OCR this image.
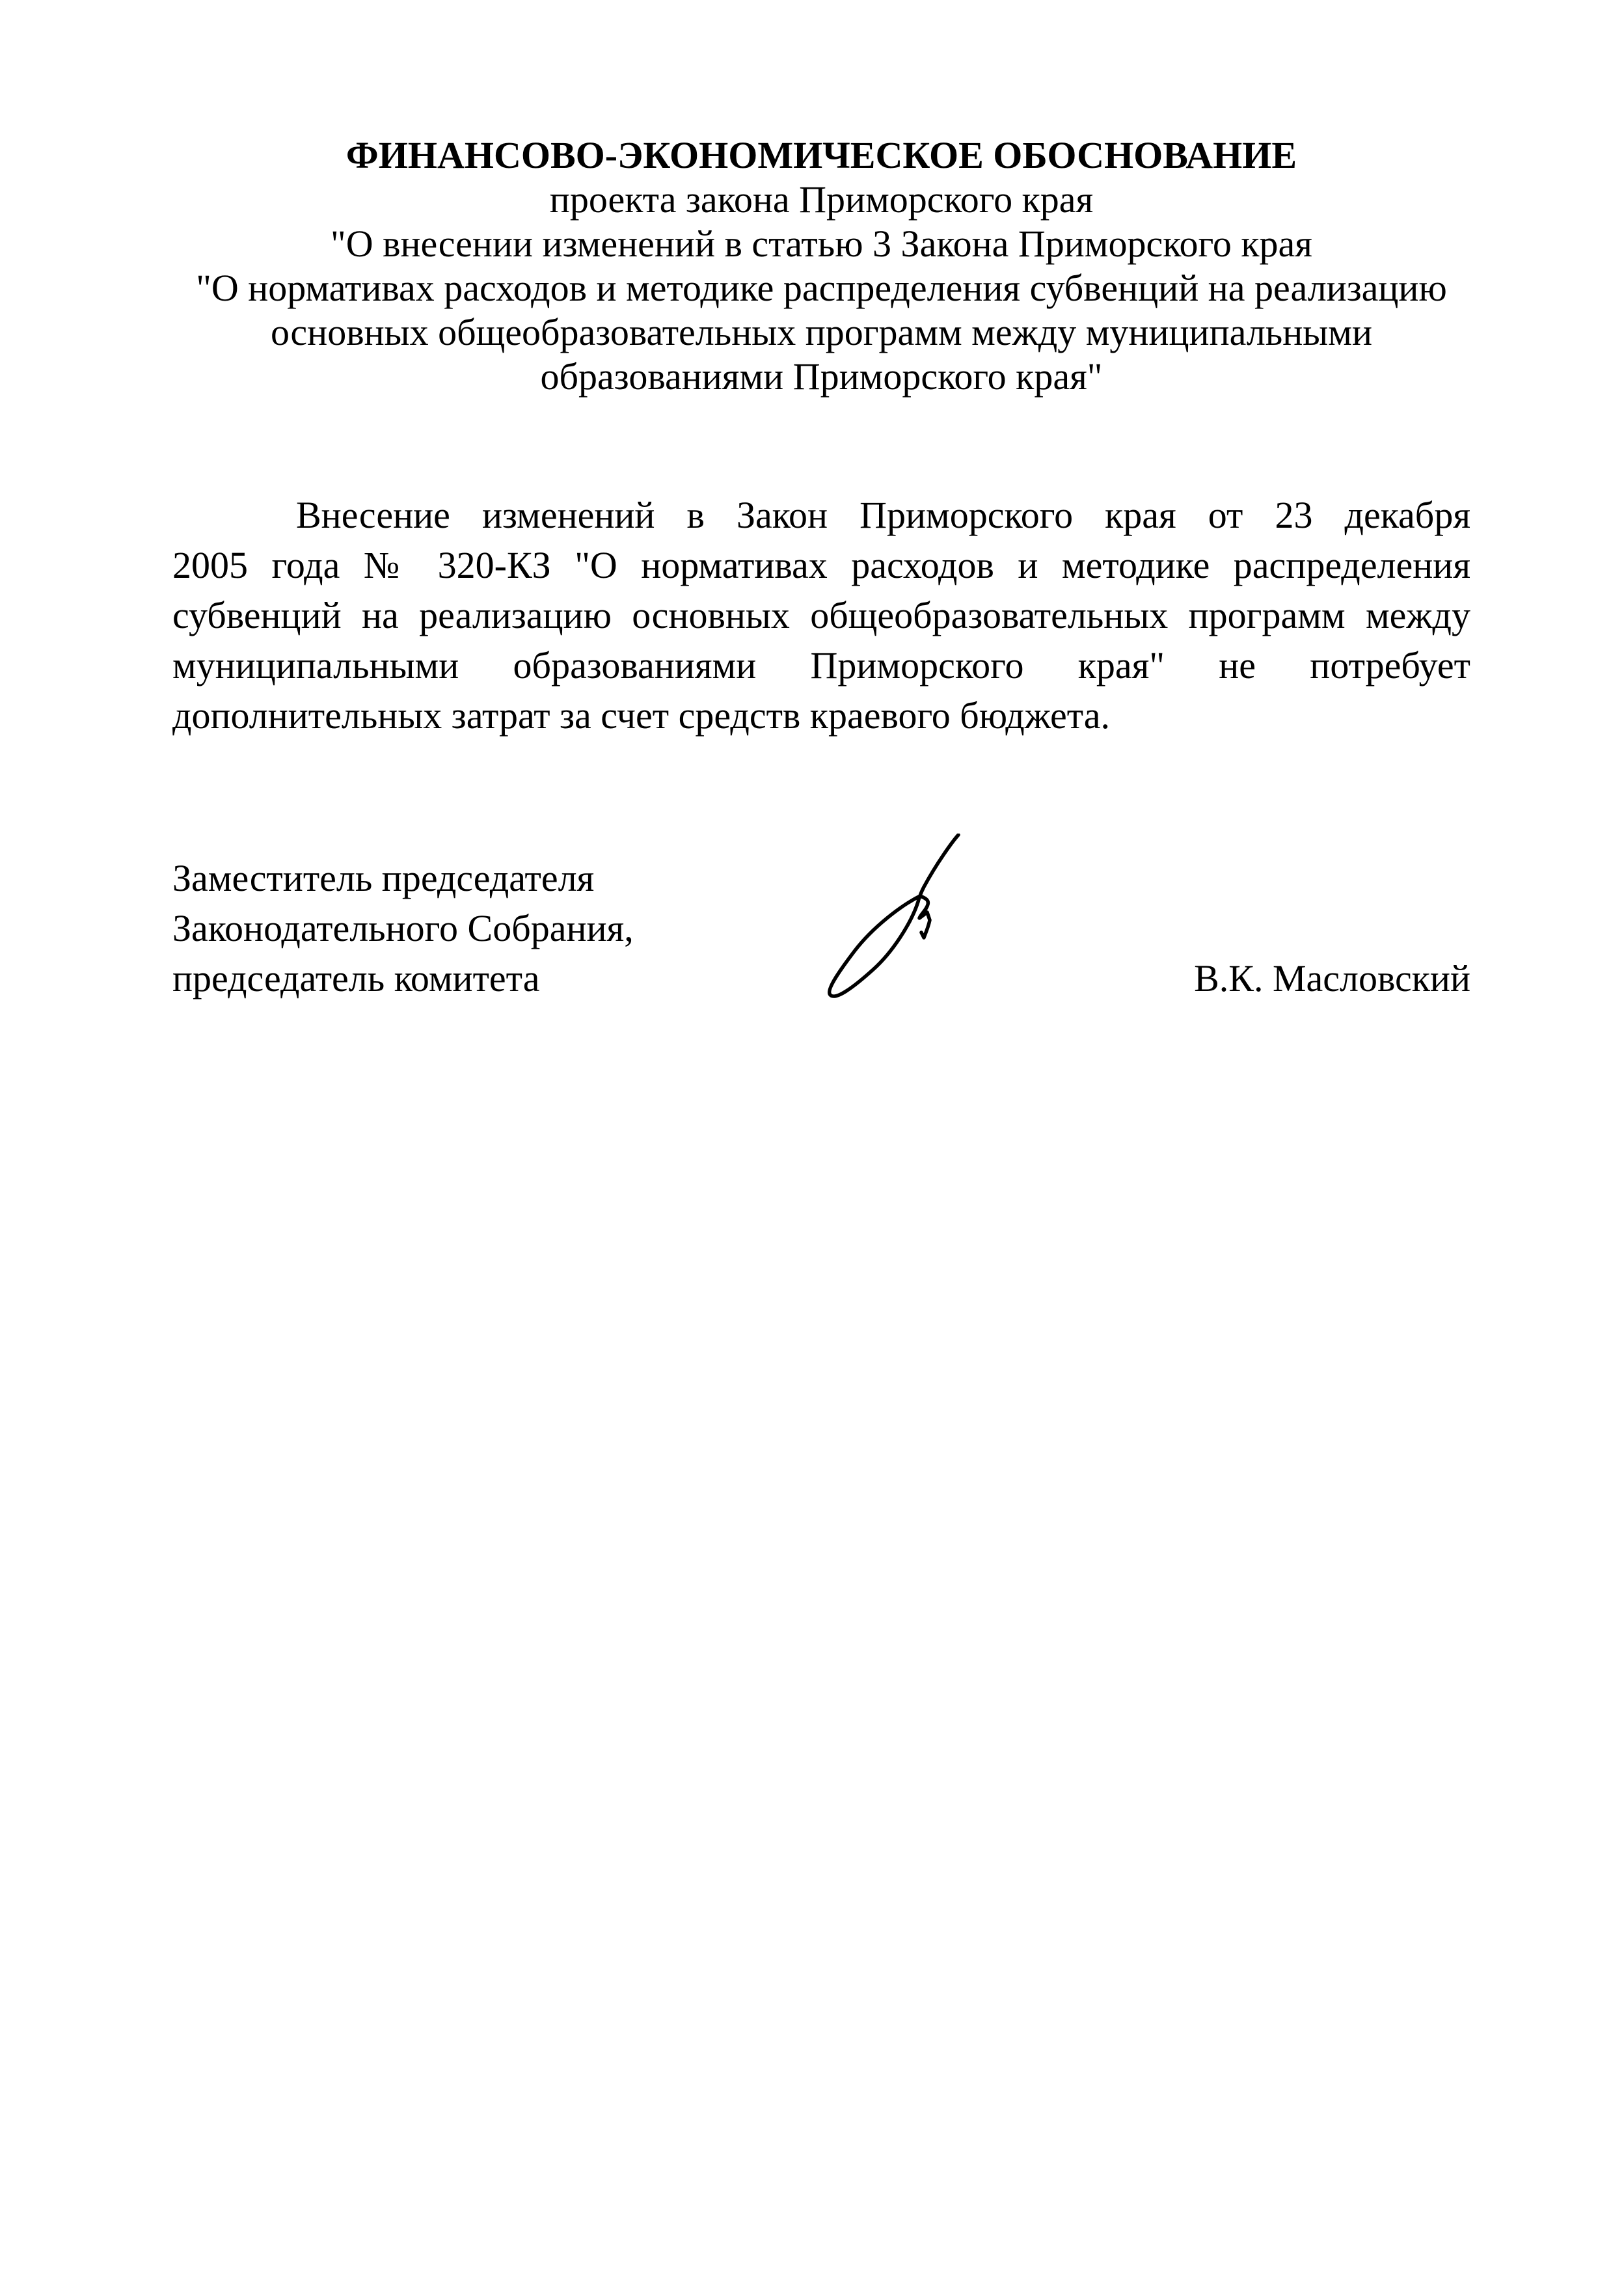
ФИНАНСОВО-ЭКОНОМИЧЕСКОЕ ОБОСНОВАНИЕ
проекта закона Приморского края
"О внесении изменений в статью 3 Закона Приморского края
"О нормативах расходов и методике распределения субвенций на реализацию
основных общеобразовательных программ между муниципальными
образованиями Приморского края"
Внесение изменений в Закон Приморского края от 23 декабря
2005 года № 320-КЗ "О нормативах расходов и методике распределения
субвенций на реализацию основных общеобразовательных программ между
муниципальными образованиями Приморского края" не потребует
дополнительных затрат за счет средств краевого бюджета.
Заместитель председателя
Законодательного Собрания,
председатель комитета	В.К. Масловский
